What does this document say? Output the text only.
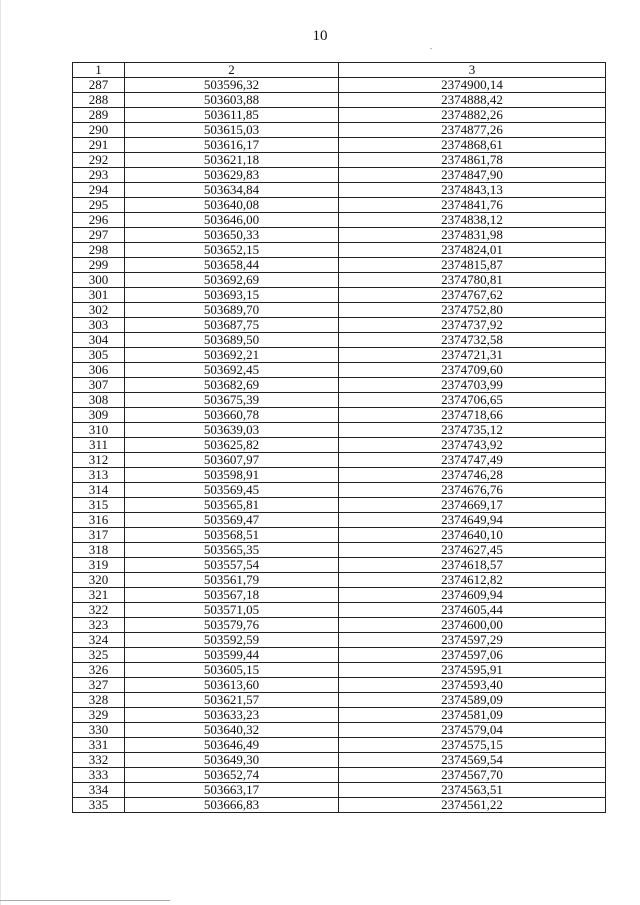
10
1	2	3
287	503596,32	2374900,14
288	503603,88	2374888,42
289	503611,85	2374882,26
290	503615,03	2374877,26
291	503616,17	2374868,61
292	503621,18	2374861,78
293	503629,83	2374847,90
294	503634,84	2374843,13
295	503640,08	2374841,76
296	503646,00	2374838,12
297	503650,33	2374831,98
298	503652,15	2374824,01
299	503658,44	2374815,87
300	503692,69	2374780,81
301	503693,15	2374767,62
302	503689,70	2374752,80
303	503687,75	2374737,92
304	503689,50	2374732,58
305	503692,21	2374721,31
306	503692,45	2374709,60
307	503682,69	2374703,99
308	503675,39	2374706,65
309	503660,78	2374718,66
310	503639,03	2374735,12
311	503625,82	2374743,92
312	503607,97	2374747,49
313	503598,91	2374746,28
314	503569,45	2374676,76
315	503565,81	2374669,17
316	503569,47	2374649,94
317	503568,51	2374640,10
318	503565,35	2374627,45
319	503557,54	2374618,57
320	503561,79	2374612,82
321	503567,18	2374609,94
322	503571,05	2374605,44
323	503579,76	2374600,00
324	503592,59	2374597,29
325	503599,44	2374597,06
326	503605,15	2374595,91
327	503613,60	2374593,40
328	503621,57	2374589,09
329	503633,23	2374581,09
330	503640,32	2374579,04
331	503646,49	2374575,15
332	503649,30	2374569,54
333	503652,74	2374567,70
334	503663,17	2374563,51
335	503666,83	2374561,22
